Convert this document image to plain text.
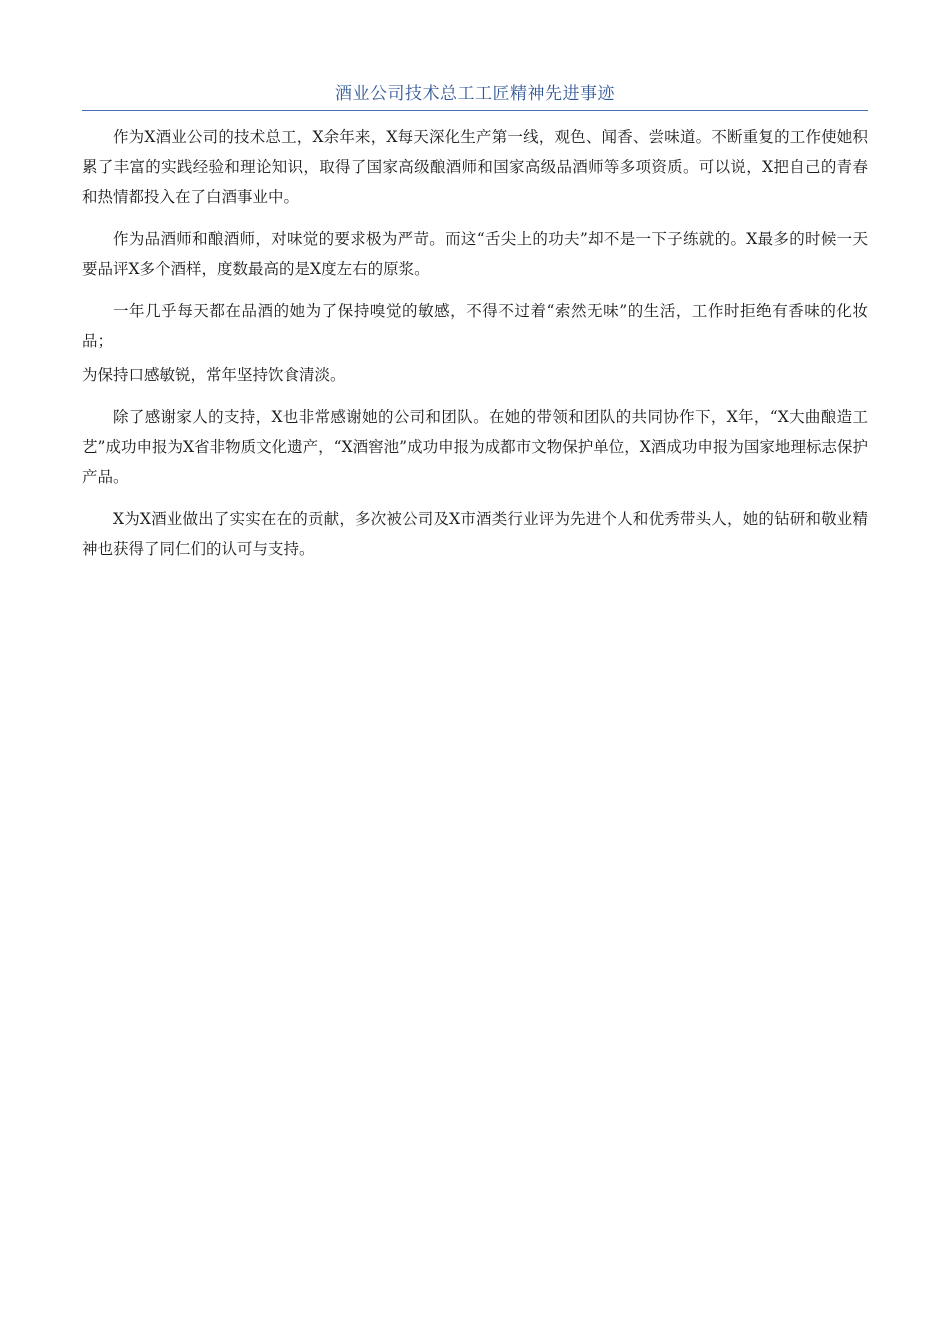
酒业公司技术总工工匠精神先进事迹

作为X酒业公司的技术总工，X余年来，X每天深化生产第一线，观色、闻香、尝味道。不断重复的工作使她积累了丰富的实践经验和理论知识，取得了国家高级酿酒师和国家高级品酒师等多项资质。可以说，X把自己的青春和热情都投入在了白酒事业中。

作为品酒师和酿酒师，对味觉的要求极为严苛。而这“舌尖上的功夫”却不是一下子练就的。X最多的时候一天要品评X多个酒样，度数最高的是X度左右的原浆。

一年几乎每天都在品酒的她为了保持嗅觉的敏感，不得不过着“索然无味”的生活，工作时拒绝有香味的化妆品；

为保持口感敏锐，常年坚持饮食清淡。

除了感谢家人的支持，X也非常感谢她的公司和团队。在她的带领和团队的共同协作下，X年，“X大曲酿造工艺”成功申报为X省非物质文化遗产，“X酒窖池”成功申报为成都市文物保护单位，X酒成功申报为国家地理标志保护产品。

X为X酒业做出了实实在在的贡献，多次被公司及X市酒类行业评为先进个人和优秀带头人，她的钻研和敬业精神也获得了同仁们的认可与支持。
